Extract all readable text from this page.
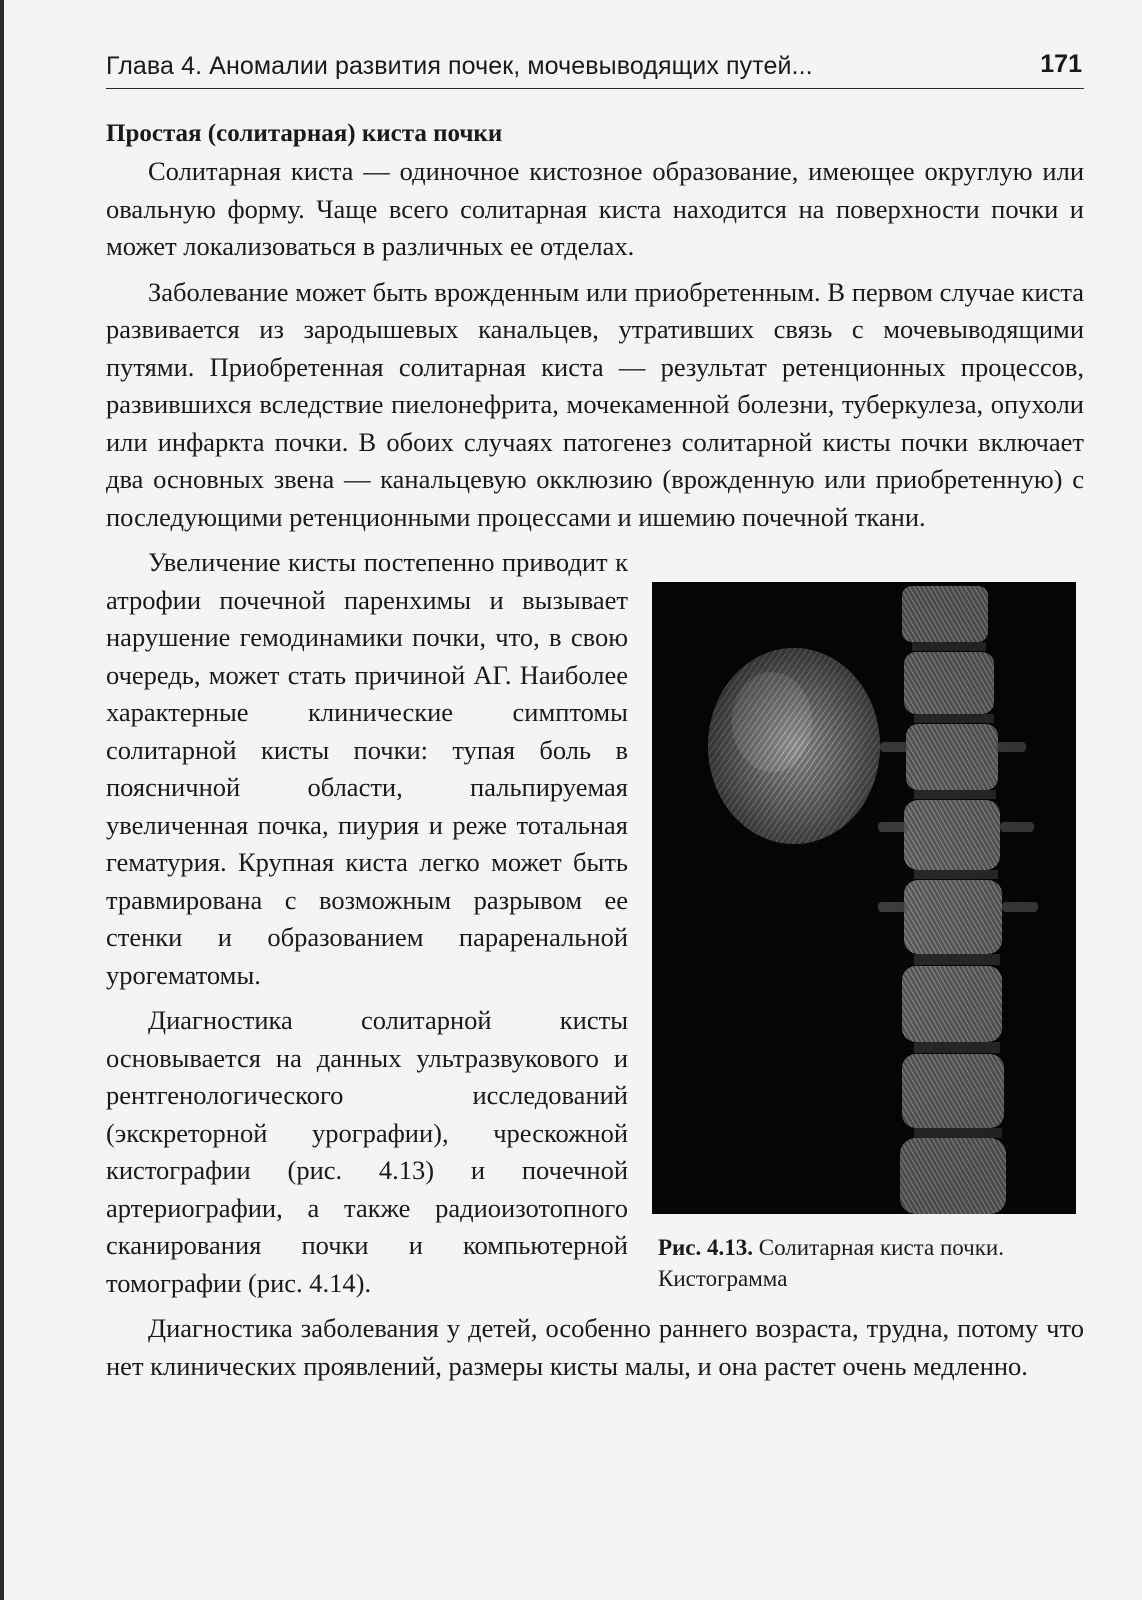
Глава 4. Аномалии развития почек, мочевыводящих путей...	171
Простая (солитарная) киста почки

Солитарная киста — одиночное кистозное образование, имеющее округлую или овальную форму. Чаще всего солитарная киста находится на поверхности почки и может локализоваться в различных ее отделах.

Заболевание может быть врожденным или приобретенным. В первом случае киста развивается из зародышевых канальцев, утративших связь с мочевыводящими путями. Приобретенная солитарная киста — результат ретенционных процессов, развившихся вследствие пиелонефрита, мочекаменной болезни, туберкулеза, опухоли или инфаркта почки. В обоих случаях патогенез солитарной кисты почки включает два основных звена — канальцевую окклюзию (врожденную или приобретенную) с последующими ретенционными процессами и ишемию почечной ткани.

Рис. 4.13. Солитарная киста почки. Кистограмма

Увеличение кисты постепенно приводит к атрофии почечной паренхимы и вызывает нарушение гемодинамики почки, что, в свою очередь, может стать причиной АГ. Наиболее характерные клинические симптомы солитарной кисты почки: тупая боль в поясничной области, пальпируемая увеличенная почка, пиурия и реже тотальная гематурия. Крупная киста легко может быть травмирована с возможным разрывом ее стенки и образованием параренальной урогематомы.

Диагностика солитарной кисты основывается на данных ультразвукового и рентгенологического исследований (экскреторной урографии), чрескожной кистографии (рис. 4.13) и почечной артериографии, а также радиоизотопного сканирования почки и компьютерной томографии (рис. 4.14).

Диагностика заболевания у детей, особенно раннего возраста, трудна, потому что нет клинических проявлений, размеры кисты малы, и она растет очень медленно.
